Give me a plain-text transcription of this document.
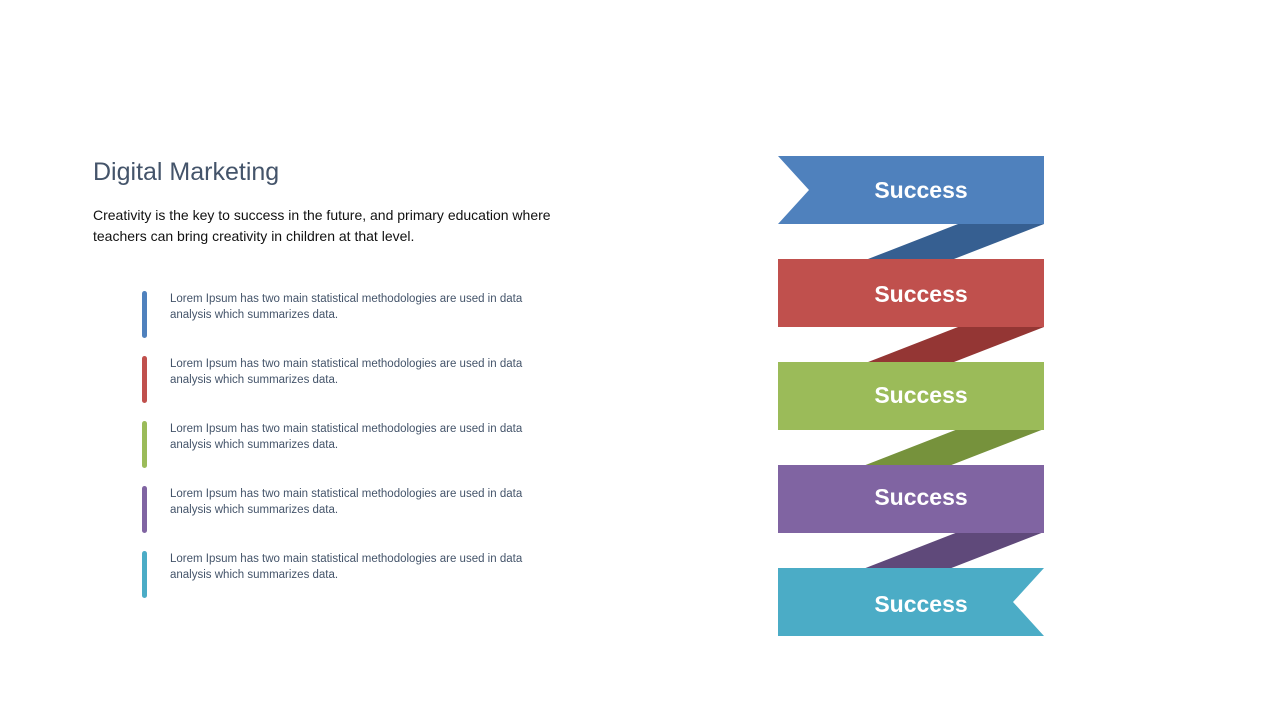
Digital Marketing
Creativity is the key to success in the future, and primary education where teachers can bring creativity in children at that level.
Lorem Ipsum has two main statistical methodologies are used in data analysis which summarizes data.
Lorem Ipsum has two main statistical methodologies are used in data analysis which summarizes data.
Lorem Ipsum has two main statistical methodologies are used in data analysis which summarizes data.
Lorem Ipsum has two main statistical methodologies are used in data analysis which summarizes data.
Lorem Ipsum has two main statistical methodologies are used in data analysis which summarizes data.
Success
Success
Success
Success
Success
